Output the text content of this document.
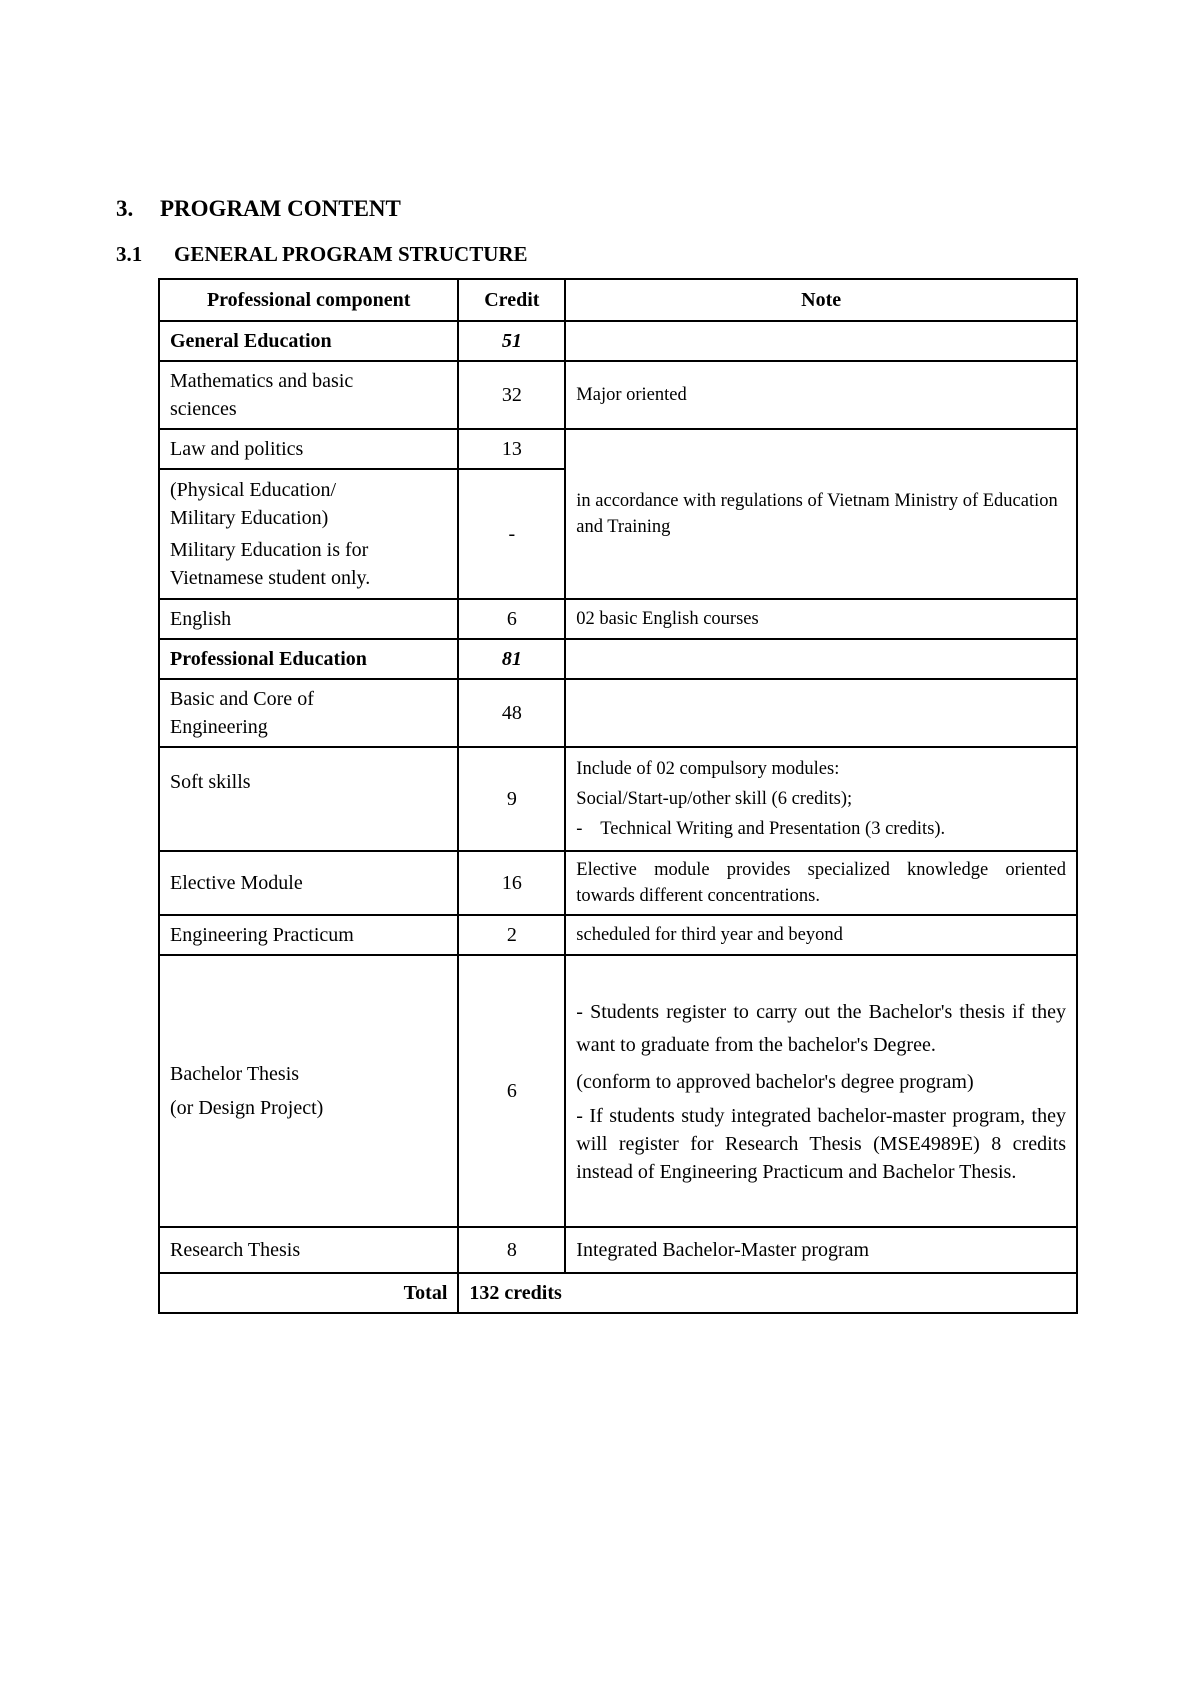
3. PROGRAM CONTENT
3.1 GENERAL PROGRAM STRUCTURE
Professional component	Credit	Note
General Education	51	

Mathematics and basic
sciences	32	Major oriented
Law and politics	13	in accordance with regulations of Vietnam Ministry of Education and Training

(Physical Education/
Military Education)
Military Education is for
Vietnamese student only.	-	
English	6	02 basic English courses
Professional Education	81	

Basic and Core of
Engineering	48	
Soft skills	9	Include of 02 compulsory modules:
Social/Start-up/other skill (6 credits);
- Technical Writing and Presentation (3 credits).

Elective Module	16	Elective module provides specialized knowledge oriented towards different concentrations.
Engineering Practicum	2	scheduled for third year and beyond

Bachelor Thesis
(or Design Project)	6	- Students register to carry out the Bachelor's thesis if they want to graduate from the bachelor's Degree.
(conform to approved bachelor's degree program)
- If students study integrated bachelor-master program, they will register for Research Thesis (MSE4989E) 8 credits instead of Engineering Practicum and Bachelor Thesis.

Research Thesis	8	Integrated Bachelor-Master program
Total	132 credits	
